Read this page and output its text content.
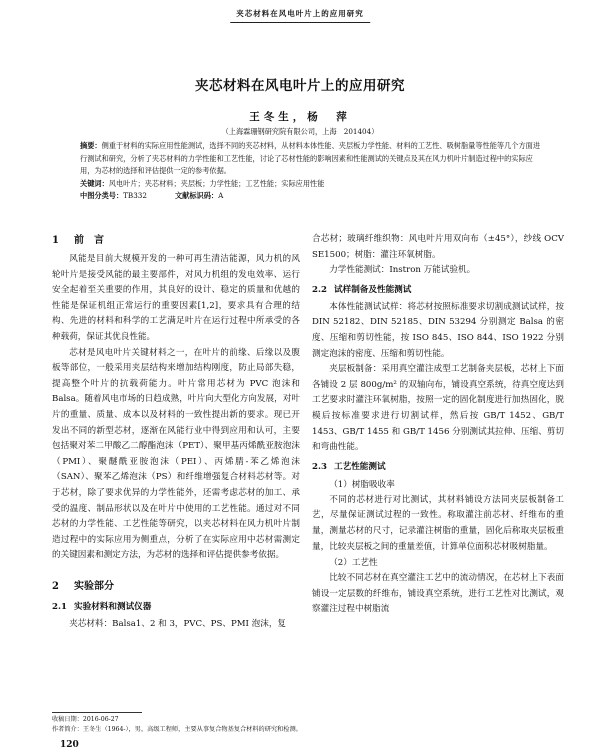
夹芯材料在风电叶片上的应用研究
夹芯材料在风电叶片上的应用研究
王冬生，杨　萍
（上海霖珊钢研究院有限公司，上海　201404）

摘要：侧重于材料的实际应用性能测试，选择不同的夹芯材料，从材料本体性能、夹层板力学性能、材料的工艺性、吸树脂量等性能等几个方面进行测试和研究，分析了夹芯材料的力学性能和工艺性能，讨论了芯材性能的影响因素和性能测试的关键点及其在风力机叶片制造过程中的实际应用，为芯材的选择和评估提供一定的参考依据。

关键词：风电叶片；夹芯材料；夹层板；力学性能；工艺性能；实际应用性能

中图分类号：TB332	文献标识码：A

1 前　言

风能是目前大规模开发的一种可再生清洁能源，风力机的风轮叶片是接受风能的最主要部件，对风力机组的发电效率、运行安全起着至关重要的作用，其良好的设计、稳定的质量和优越的性能是保证机组正常运行的重要因素[1,2]，要求具有合理的结构、先进的材料和科学的工艺满足叶片在运行过程中所承受的各种载荷，保证其优良性能。

芯材是风电叶片关键材料之一，在叶片的前缘、后缘以及腹板等部位，一般采用夹层结构来增加结构刚度，防止局部失稳，提高整个叶片的抗载荷能力。叶片常用芯材为 PVC 泡沫和 Balsa。随着风电市场的日趋成熟，叶片向大型化方向发展，对叶片的重量、质量、成本以及材料的一致性提出新的要求。现已开发出不同的新型芯材，逐渐在风能行业中得到应用和认可，主要包括聚对苯二甲酸乙二醇酯泡沫（PET）、聚甲基丙烯酰亚胺泡沫（PMI）、聚醚酰亚胺泡沫（PEI）、丙烯腈-苯乙烯泡沫（SAN）、聚苯乙烯泡沫（PS）和纤维增强复合材料芯材等。对于芯材，除了要求优异的力学性能外，还需考虑芯材的加工、承受的温度、制品形状以及在叶片中使用的工艺性能。通过对不同芯材的力学性能、工艺性能等研究，以夹芯材料在风力机叶片制造过程中的实际应用为侧重点，分析了在实际应用中芯材需测定的关键因素和测定方法，为芯材的选择和评估提供参考依据。

2 实验部分
2.1 实验材料和测试仪器

夹芯材料：Balsa1、2 和 3，PVC、PS、PMI 泡沫，复

合芯材；玻璃纤维织物：风电叶片用双向布（±45°），纱线 OCV SE1500；树脂：灌注环氧树脂。

力学性能测试：Instron 万能试验机。

2.2 试样制备及性能测试

本体性能测试试样：将芯材按照标准要求切割成测试试样，按 DIN 52182、DIN 52185、DIN 53294 分别测定 Balsa 的密度、压缩和剪切性能，按 ISO 845、ISO 844、ISO 1922 分别测定泡沫的密度、压缩和剪切性能。

夹层板制备：采用真空灌注成型工艺制备夹层板，芯材上下面各铺设 2 层 800g/m² 的双轴向布，铺设真空系统，待真空度达到工艺要求时灌注环氧树脂，按照一定的固化制度进行加热固化，脱模后按标准要求进行切割试样，然后按 GB/T 1452、GB/T 1453、GB/T 1455 和 GB/T 1456 分别测试其拉伸、压缩、剪切和弯曲性能。

2.3 工艺性能测试

（1）树脂吸收率

不同的芯材进行对比测试，其材料铺设方法同夹层板制备工艺，尽量保证测试过程的一致性。称取灌注前芯材、纤维布的重量，测量芯材的尺寸，记录灌注树脂的重量，固化后称取夹层板重量，比较夹层板之间的重量差值，计算单位面积芯材吸树脂量。

（2）工艺性

比较不同芯材在真空灌注工艺中的流动情况，在芯材上下表面铺设一定层数的纤维布，铺设真空系统，进行工艺性对比测试，观察灌注过程中树脂流

收稿日期：2016-06-27

作者简介：王冬生（1964-），男，高级工程师，主要从事复合物基复合材料的研究和检测。

120
